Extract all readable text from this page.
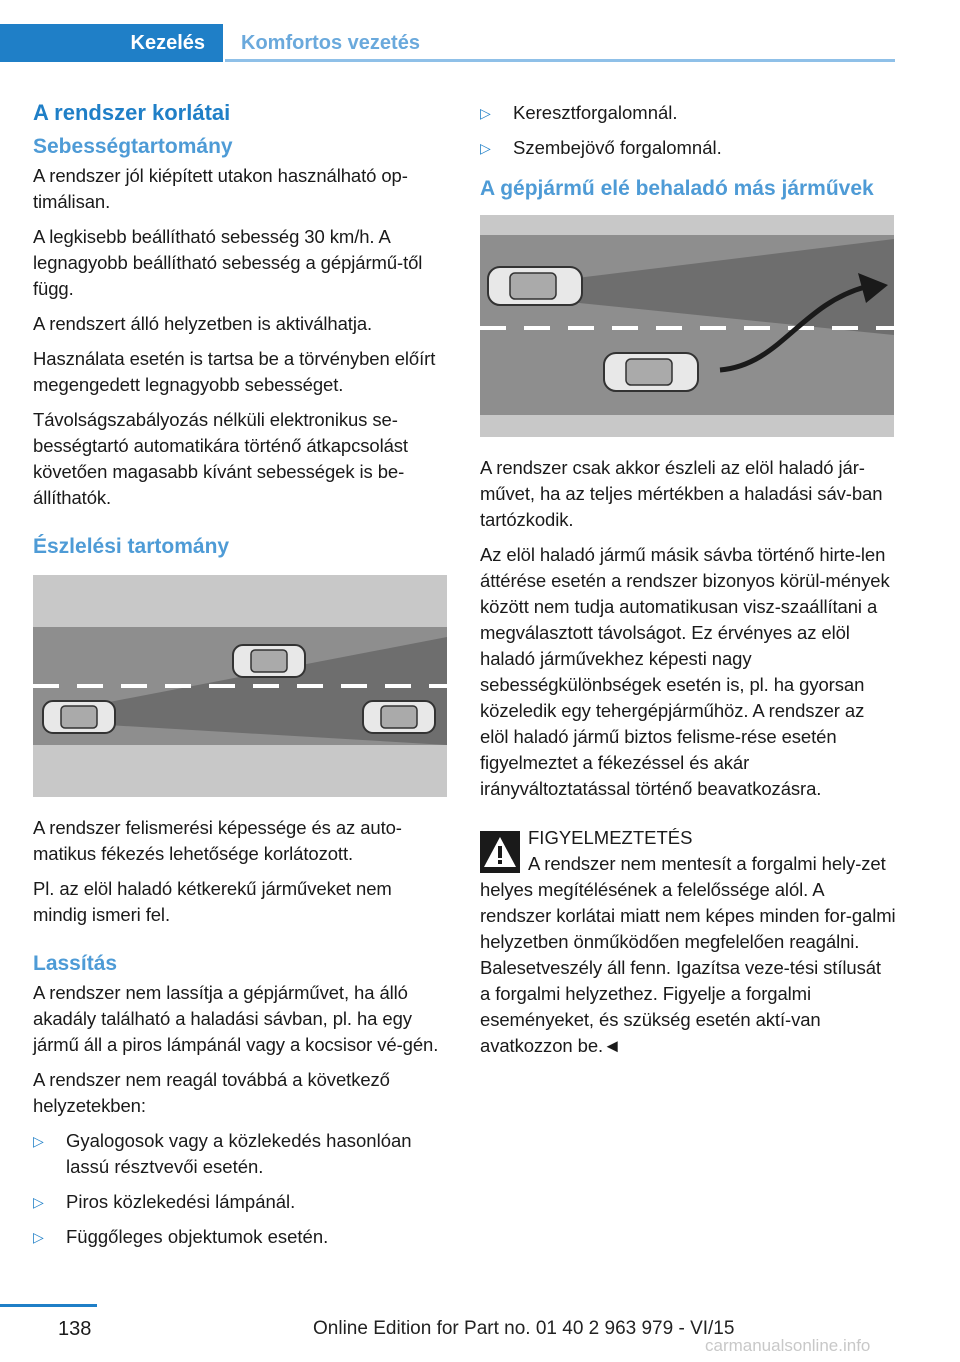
Kezelés	Komfortos vezetés
A rendszer korlátai
Sebességtartomány

A rendszer jól kiépített utakon használható op-timálisan.

A legkisebb beállítható sebesség 30 km/h. A legnagyobb beállítható sebesség a gépjármű-től függ.

A rendszert álló helyzetben is aktiválhatja.

Használata esetén is tartsa be a törvényben előírt megengedett legnagyobb sebességet.

Távolságszabályozás nélküli elektronikus se-bességtartó automatikára történő átkapcsolást követően magasabb kívánt sebességek is be-állíthatók.

Észlelési tartomány

A rendszer felismerési képessége és az auto-matikus fékezés lehetősége korlátozott.

Pl. az elöl haladó kétkerekű járműveket nem mindig ismeri fel.

Lassítás

A rendszer nem lassítja a gépjárművet, ha álló akadály található a haladási sávban, pl. ha egy jármű áll a piros lámpánál vagy a kocsisor vé-gén.

A rendszer nem reagál továbbá a következő helyzetekben:

▷ Gyalogosok vagy a közlekedés hasonlóan lassú résztvevői esetén.
▷ Piros közlekedési lámpánál.
▷ Függőleges objektumok esetén.
▷ Keresztforgalomnál.
▷ Szembejövő forgalomnál.
A gépjármű elé behaladó más járművek

A rendszer csak akkor észleli az elöl haladó jár-művet, ha az teljes mértékben a haladási sáv-ban tartózkodik.

Az elöl haladó jármű másik sávba történő hirte-len áttérése esetén a rendszer bizonyos körül-mények között nem tudja automatikusan visz-szaállítani a megválasztott távolságot. Ez érvényes az elöl haladó járművekhez képesti nagy sebességkülönbségek esetén is, pl. ha gyorsan közeledik egy tehergépjárműhöz. A rendszer az elöl haladó jármű biztos felisme-rése esetén figyelmeztet a fékezéssel és akár irányváltoztatással történő beavatkozásra.

FIGYELMEZTETÉS

A rendszer nem mentesít a forgalmi hely-zet helyes megítélésének a felelőssége alól. A rendszer korlátai miatt nem képes minden for-galmi helyzetben önműködően megfelelően reagálni. Balesetveszély áll fenn. Igazítsa veze-tési stílusát a forgalmi helyzethez. Figyelje a forgalmi eseményeket, és szükség esetén aktí-van avatkozzon be.◄

138	Online Edition for Part no. 01 40 2 963 979 - VI/15
carmanualsonline.info
